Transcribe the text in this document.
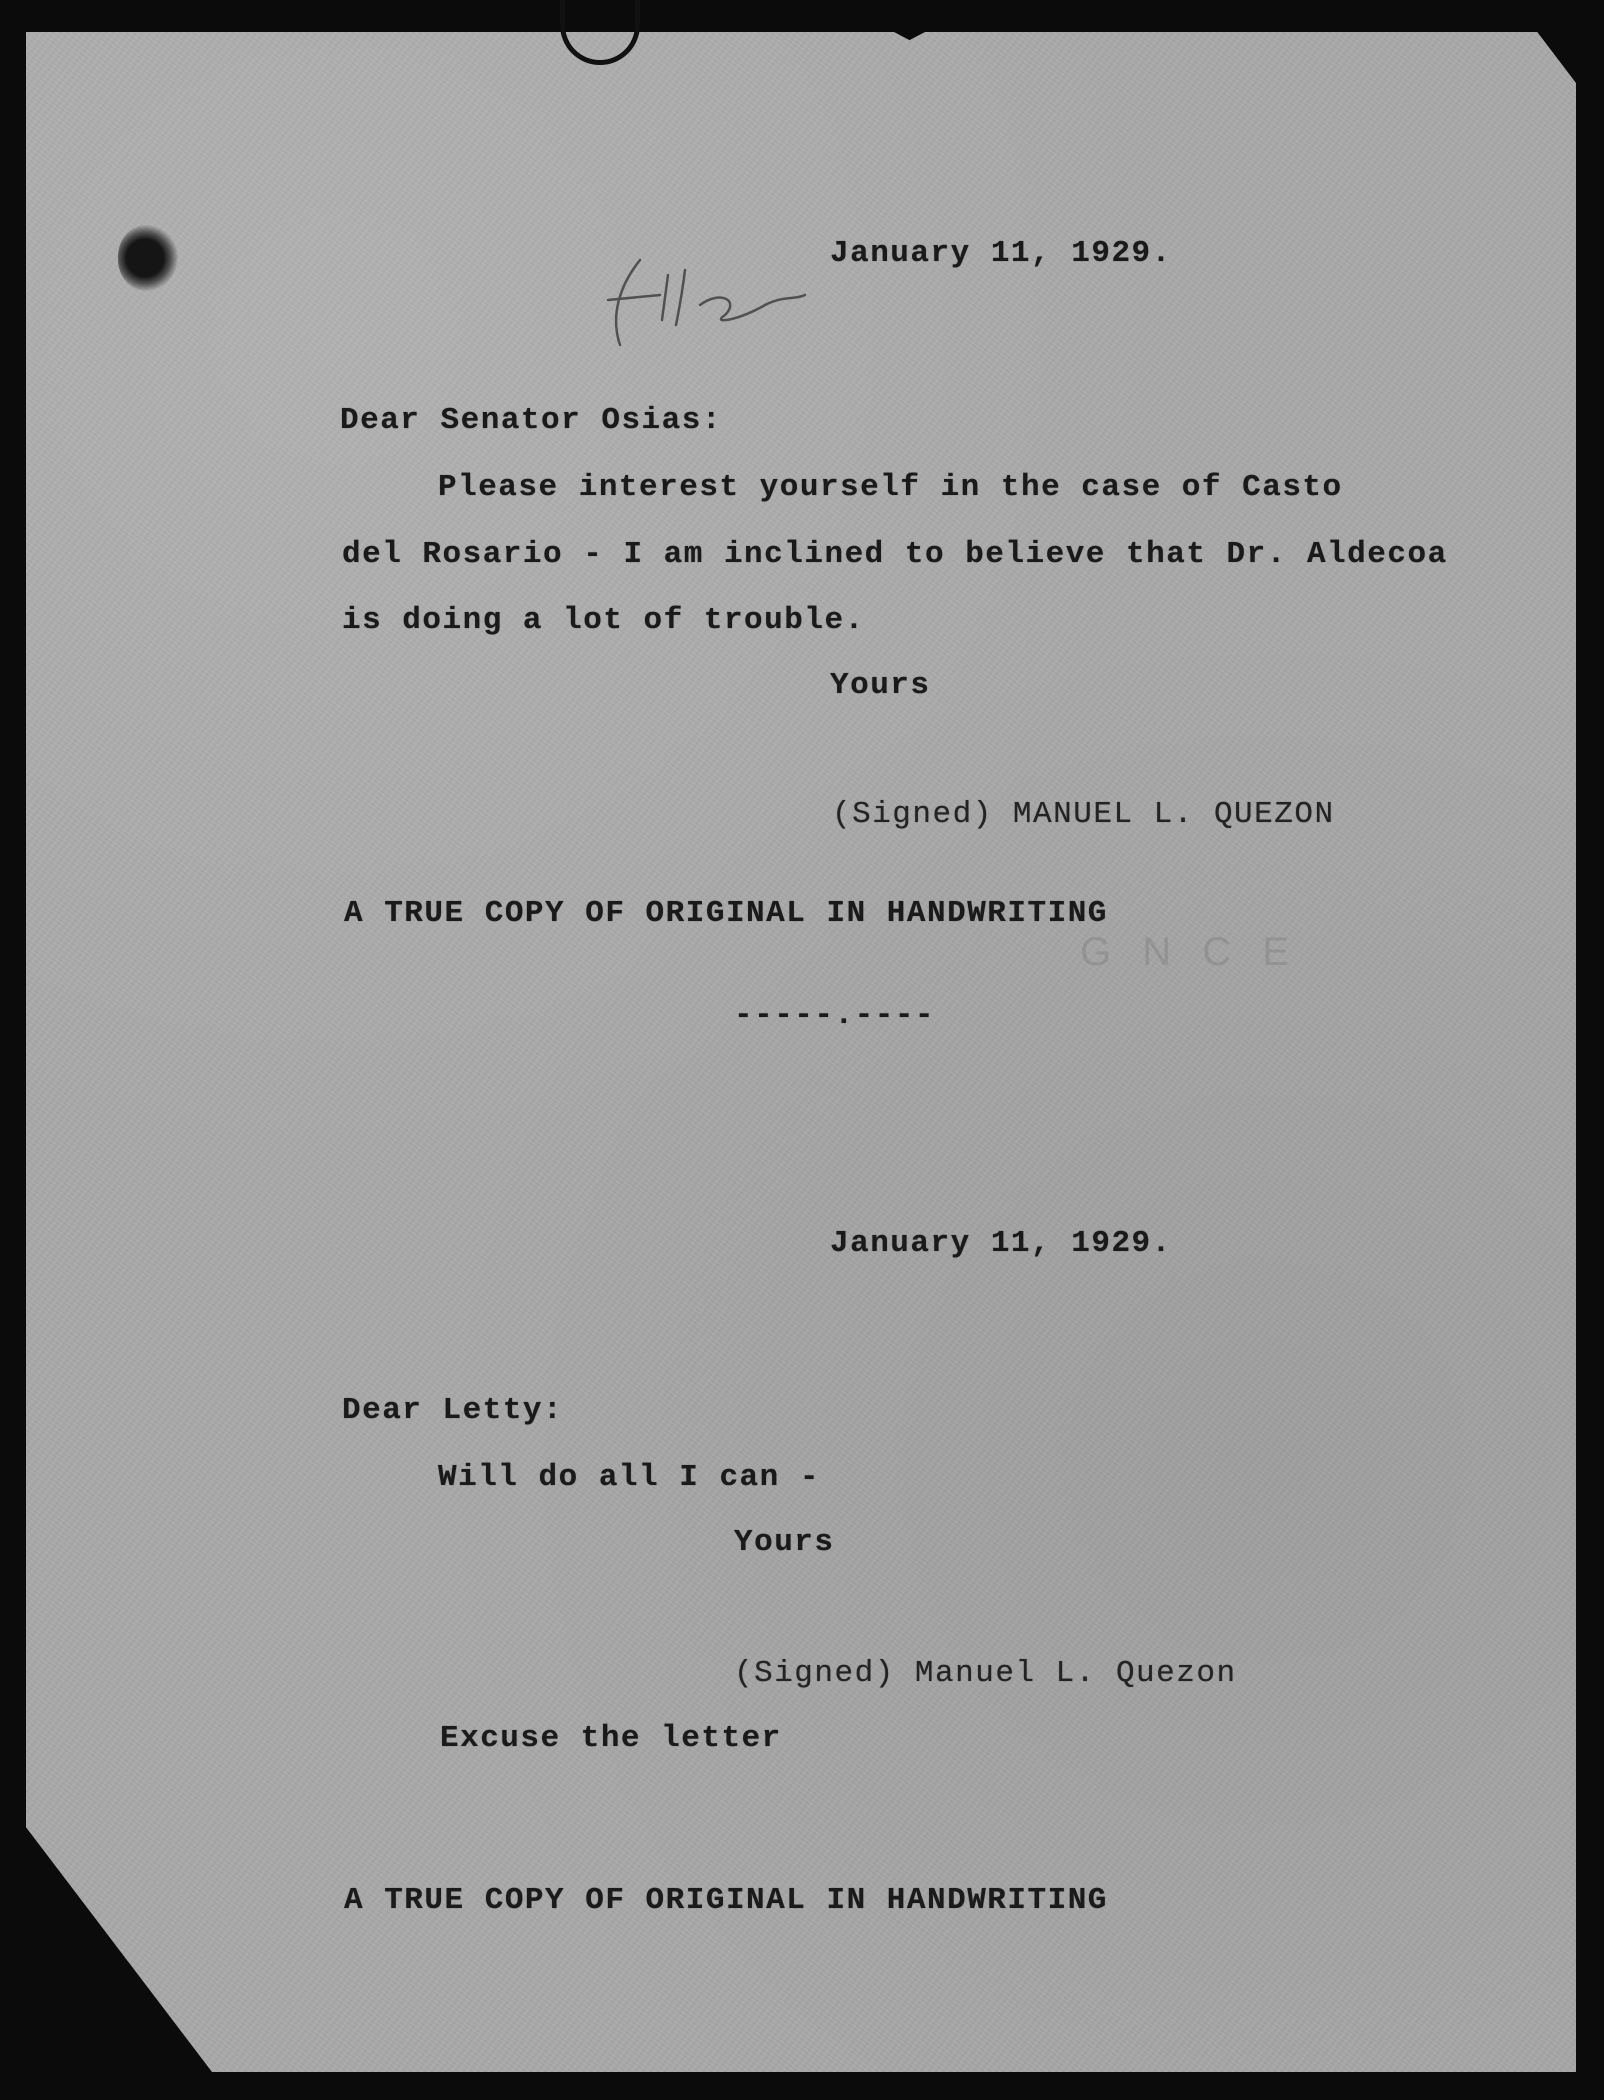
G N C E

January 11, 1929.

Dear Senator Osias:

Please interest yourself in the case of Casto

del Rosario - I am inclined to believe that Dr. Aldecoa

is doing a lot of trouble.

Yours

(Signed) MANUEL L. QUEZON

A TRUE COPY OF ORIGINAL IN HANDWRITING

-----.----

January 11, 1929.

Dear Letty:

Will do all I can -

Yours

(Signed) Manuel L. Quezon

Excuse the letter

A TRUE COPY OF ORIGINAL IN HANDWRITING
